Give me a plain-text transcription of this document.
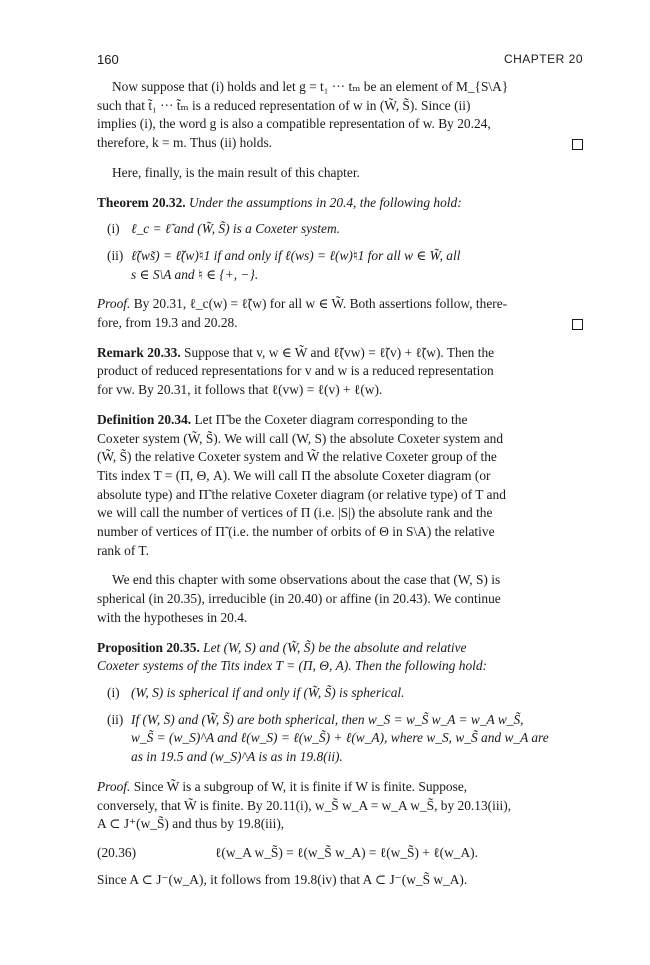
160	CHAPTER 20

Now suppose that (i) holds and let g = t₁ ··· tₘ be an element of M_{S\A}
such that t̃₁ ··· t̃ₘ is a reduced representation of w in (W̃, S̃). Since (ii)
implies (i), the word g is also a compatible representation of w. By 20.24,
therefore, k = m. Thus (ii) holds.

Here, finally, is the main result of this chapter.

Theorem 20.32. Under the assumptions in 20.4, the following hold:

(i) ℓ_c = ℓ̃ and (W̃, S̃) is a Coxeter system.
(ii) ℓ̃(ws̃) = ℓ̃(w)♮1 if and only if ℓ(ws) = ℓ(w)♮1 for all w ∈ W̃, all
s ∈ S\A and ♮ ∈ {+, −}.

Proof. By 20.31, ℓ_c(w) = ℓ̃(w) for all w ∈ W̃. Both assertions follow, there-
fore, from 19.3 and 20.28.

Remark 20.33. Suppose that v, w ∈ W̃ and ℓ̃(vw) = ℓ̃(v) + ℓ̃(w). Then the
product of reduced representations for v and w is a reduced representation
for vw. By 20.31, it follows that ℓ(vw) = ℓ(v) + ℓ(w).

Definition 20.34. Let Π̃ be the Coxeter diagram corresponding to the
Coxeter system (W̃, S̃). We will call (W, S) the absolute Coxeter system and
(W̃, S̃) the relative Coxeter system and W̃ the relative Coxeter group of the
Tits index T = (Π, Θ, A). We will call Π the absolute Coxeter diagram (or
absolute type) and Π̃ the relative Coxeter diagram (or relative type) of T and
we will call the number of vertices of Π (i.e. |S|) the absolute rank and the
number of vertices of Π̃ (i.e. the number of orbits of Θ in S\A) the relative
rank of T.

We end this chapter with some observations about the case that (W, S) is
spherical (in 20.35), irreducible (in 20.40) or affine (in 20.43). We continue
with the hypotheses in 20.4.

Proposition 20.35. Let (W, S) and (W̃, S̃) be the absolute and relative
Coxeter systems of the Tits index T = (Π, Θ, A). Then the following hold:

(i) (W, S) is spherical if and only if (W̃, S̃) is spherical.
(ii) If (W, S) and (W̃, S̃) are both spherical, then w_S = w_S̃ w_A = w_A w_S̃,
w_S̃ = (w_S)^A and ℓ(w_S) = ℓ(w_S̃) + ℓ(w_A), where w_S, w_S̃ and w_A are
as in 19.5 and (w_S)^A is as in 19.8(ii).

Proof. Since W̃ is a subgroup of W, it is finite if W is finite. Suppose,
conversely, that W̃ is finite. By 20.11(i), w_S̃ w_A = w_A w_S̃, by 20.13(iii),
A ⊂ J⁺(w_S̃) and thus by 19.8(iii),

(20.36)	ℓ(w_A w_S̃) = ℓ(w_S̃ w_A) = ℓ(w_S̃) + ℓ(w_A).

Since A ⊂ J⁻(w_A), it follows from 19.8(iv) that A ⊂ J⁻(w_S̃ w_A).
